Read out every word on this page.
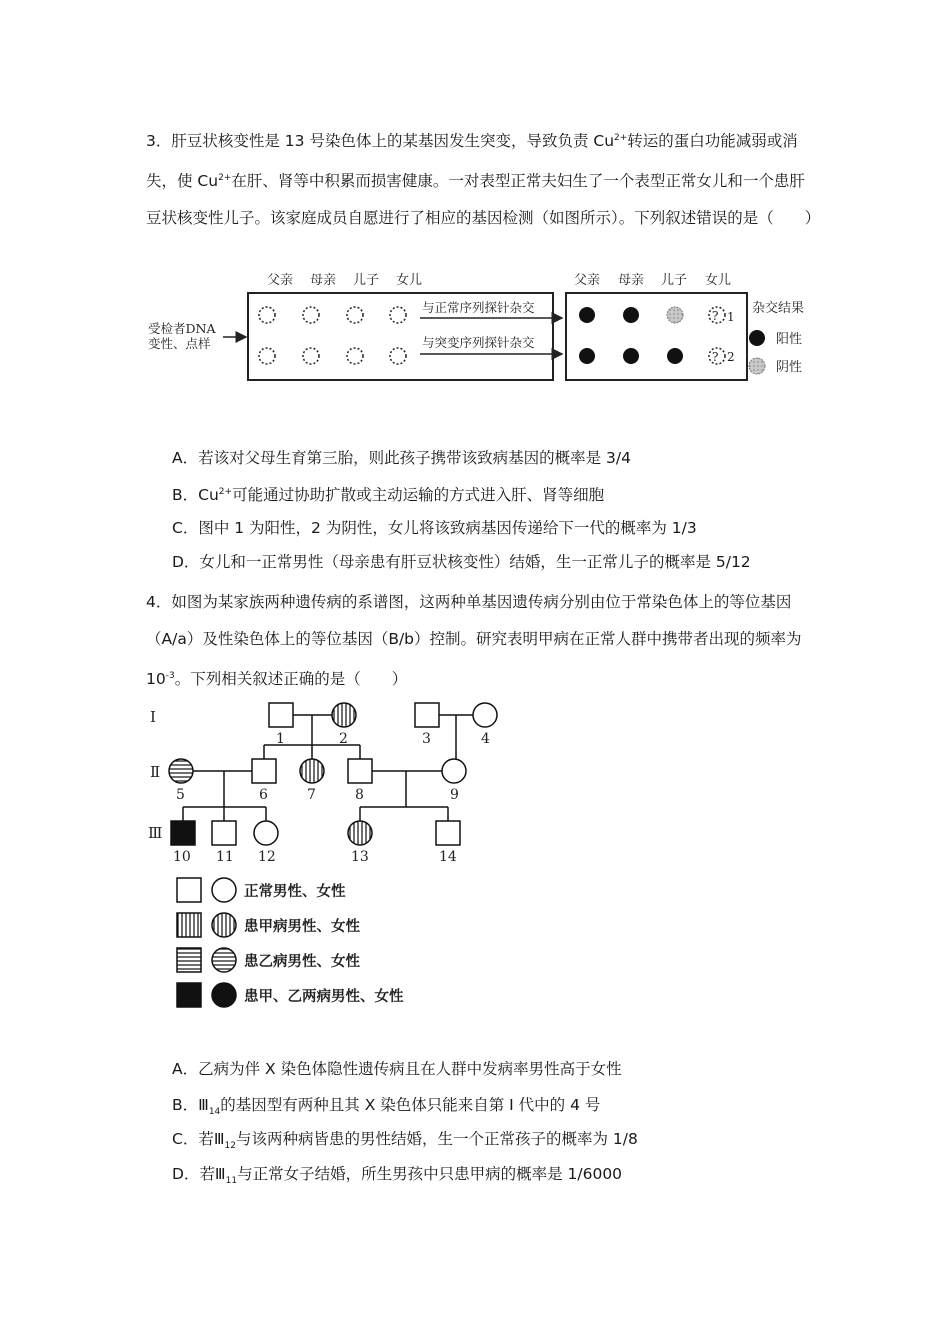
3．肝豆状核变性是 13 号染色体上的某基因发生突变，导致负责 $Cu^{2+}$转运的蛋白功能减弱或消失，使 $Cu^{2+}$在肝、肾等中积累而损害健康。一对表型正常夫妇生了一个表型正常女儿和一个患肝豆状核变性儿子。该家庭成员自愿进行了相应的基因检测（如图所示）。下列叙述错误的是（　　）
父亲 母亲 儿子 女儿
受检者DNA
变性、点样
与正常序列探针杂交
与突变序列探针杂交
父亲 母亲 儿子 女儿
?
?
1
2
杂交结果
阳性
阴性
A．若该对父母生育第三胎，则此孩子携带该致病基因的概率是 3/4
B．$Cu^{2+}$可能通过协助扩散或主动运输的方式进入肝、肾等细胞
C．图中 1 为阳性，2 为阴性，女儿将该致病基因传递给下一代的概率为 1/3
D．女儿和一正常男性（母亲患有肝豆状核变性）结婚，生一正常儿子的概率是 5/12
4．如图为某家族两种遗传病的系谱图，这两种单基因遗传病分别由位于常染色体上的等位基因（A/a）及性染色体上的等位基因（B/b）控制。研究表明甲病在正常人群中携带者出现的频率为 $10^{-3}$。下列相关叙述正确的是（　　）
Ⅰ
Ⅱ
Ⅲ
1	2	3	4
5	6	7	8	9
10 11 12	13	14
正常男性、女性
患甲病男性、女性
患乙病男性、女性
患甲、乙两病男性、女性
A．乙病为伴 X 染色体隐性遗传病且在人群中发病率男性高于女性
B．$Ⅲ_{14}$的基因型有两种且其 X 染色体只能来自第 I 代中的 4 号
C．若$Ⅲ_{12}$与该两种病皆患的男性结婚，生一个正常孩子的概率为 1/8
D．若$Ⅲ_{11}$与正常女子结婚，所生男孩中只患甲病的概率是 1/6000
